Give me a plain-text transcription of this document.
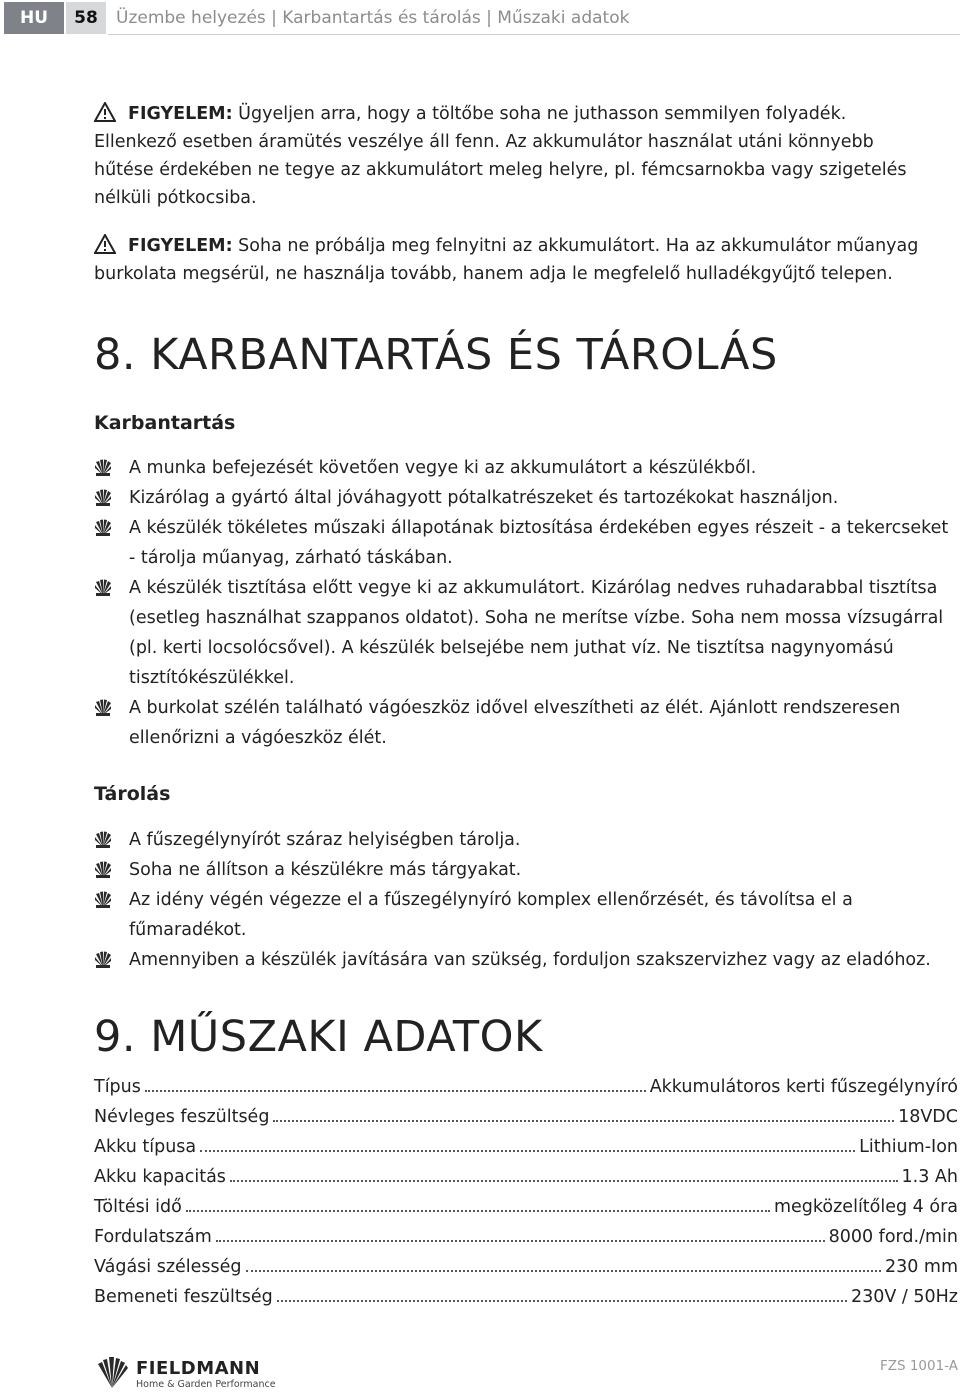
HU	58	Üzembe helyezés | Karbantartás és tárolás | Műszaki adatok
FIGYELEM: Ügyeljen arra, hogy a töltőbe soha ne juthasson semmilyen folyadék. Ellenkező esetben áramütés veszélye áll fenn. Az akkumulátor használat utáni könnyebb hűtése érdekében ne tegye az akkumulátort meleg helyre, pl. fémcsarnokba vagy szigetelés nélküli pótkocsiba.
FIGYELEM: Soha ne próbálja meg felnyitni az akkumulátort. Ha az akkumulátor műanyag burkolata megsérül, ne használja tovább, hanem adja le megfelelő hulladékgyűjtő telepen.
8. KARBANTARTÁS ÉS TÁROLÁS
Karbantartás
A munka befejezését követően vegye ki az akkumulátort a készülékből.
Kizárólag a gyártó által jóváhagyott pótalkatrészeket és tartozékokat használjon.
A készülék tökéletes műszaki állapotának biztosítása érdekében egyes részeit - a tekercseket - tárolja műanyag, zárható táskában.
A készülék tisztítása előtt vegye ki az akkumulátort. Kizárólag nedves ruhadarabbal tisztítsa (esetleg használhat szappanos oldatot). Soha ne merítse vízbe. Soha nem mossa vízsugárral (pl. kerti locsolócsővel). A készülék belsejébe nem juthat víz. Ne tisztítsa nagynyomású tisztítókészülékkel.
A burkolat szélén található vágóeszköz idővel elveszítheti az élét. Ajánlott rendszeresen ellenőrizni a vágóeszköz élét.
Tárolás
A fűszegélynyírót száraz helyiségben tárolja.
Soha ne állítson a készülékre más tárgyakat.
Az idény végén végezze el a fűszegélynyíró komplex ellenőrzését, és távolítsa el a fűmaradékot.
Amennyiben a készülék javítására van szükség, forduljon szakszervizhez vagy az eladóhoz.
9. MŰSZAKI ADATOK
Típus	Akkumulátoros kerti fűszegélynyíró
Névleges feszültség	18VDC
Akku típusa	Lithium-Ion
Akku kapacitás	1.3 Ah
Töltési idő	megközelítőleg 4 óra
Fordulatszám	8000 ford./min
Vágási szélesség	230 mm
Bemeneti feszültség	230V / 50Hz
FIELDMANN
Home & Garden Performance
FZS 1001-A
